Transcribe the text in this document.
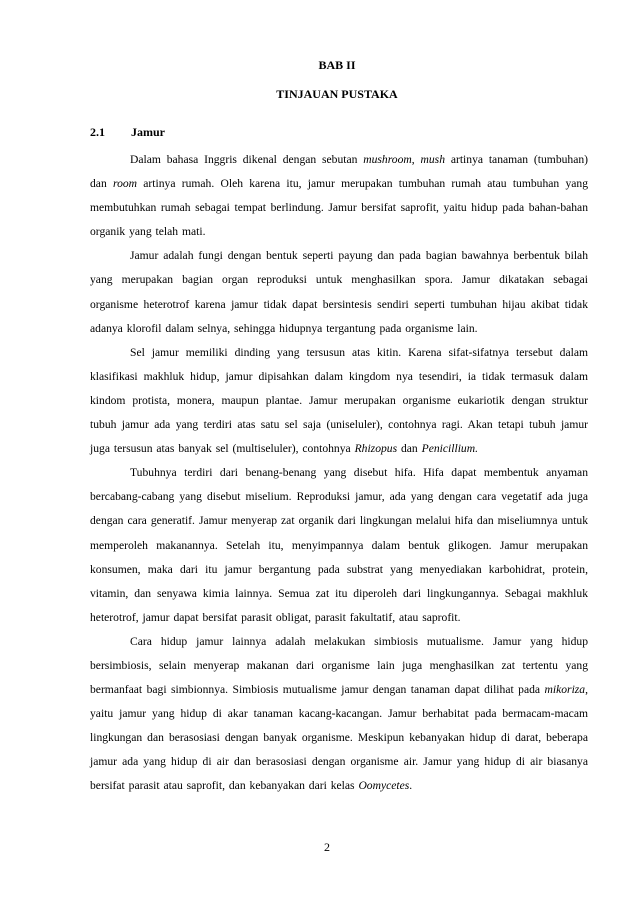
BAB II
TINJAUAN PUSTAKA
2.1 Jamur

Dalam bahasa Inggris dikenal dengan sebutan mushroom, mush artinya tanaman (tumbuhan) dan room artinya rumah. Oleh karena itu, jamur merupakan tumbuhan rumah atau tumbuhan yang membutuhkan rumah sebagai tempat berlindung. Jamur bersifat saprofit, yaitu hidup pada bahan-bahan organik yang telah mati.

Jamur adalah fungi dengan bentuk seperti payung dan pada bagian bawahnya berbentuk bilah yang merupakan bagian organ reproduksi untuk menghasilkan spora. Jamur dikatakan sebagai organisme heterotrof karena jamur tidak dapat bersintesis sendiri seperti tumbuhan hijau akibat tidak adanya klorofil dalam selnya, sehingga hidupnya tergantung pada organisme lain.

Sel jamur memiliki dinding yang tersusun atas kitin. Karena sifat-sifatnya tersebut dalam klasifikasi makhluk hidup, jamur dipisahkan dalam kingdom nya tesendiri, ia tidak termasuk dalam kindom protista, monera, maupun plantae. Jamur merupakan organisme eukariotik dengan struktur tubuh jamur ada yang terdiri atas satu sel saja (uniseluler), contohnya ragi. Akan tetapi tubuh jamur juga tersusun atas banyak sel (multiseluler), contohnya Rhizopus dan Penicillium.

Tubuhnya terdiri dari benang-benang yang disebut hifa. Hifa dapat membentuk anyaman bercabang-cabang yang disebut miselium. Reproduksi jamur, ada yang dengan cara vegetatif ada juga dengan cara generatif. Jamur menyerap zat organik dari lingkungan melalui hifa dan miseliumnya untuk memperoleh makanannya. Setelah itu, menyimpannya dalam bentuk glikogen. Jamur merupakan konsumen, maka dari itu jamur bergantung pada substrat yang menyediakan karbohidrat, protein, vitamin, dan senyawa kimia lainnya. Semua zat itu diperoleh dari lingkungannya. Sebagai makhluk heterotrof, jamur dapat bersifat parasit obligat, parasit fakultatif, atau saprofit.

Cara hidup jamur lainnya adalah melakukan simbiosis mutualisme. Jamur yang hidup bersimbiosis, selain menyerap makanan dari organisme lain juga menghasilkan zat tertentu yang bermanfaat bagi simbionnya. Simbiosis mutualisme jamur dengan tanaman dapat dilihat pada mikoriza, yaitu jamur yang hidup di akar tanaman kacang-kacangan. Jamur berhabitat pada bermacam-macam lingkungan dan berasosiasi dengan banyak organisme. Meskipun kebanyakan hidup di darat, beberapa jamur ada yang hidup di air dan berasosiasi dengan organisme air. Jamur yang hidup di air biasanya bersifat parasit atau saprofit, dan kebanyakan dari kelas Oomycetes.

2
